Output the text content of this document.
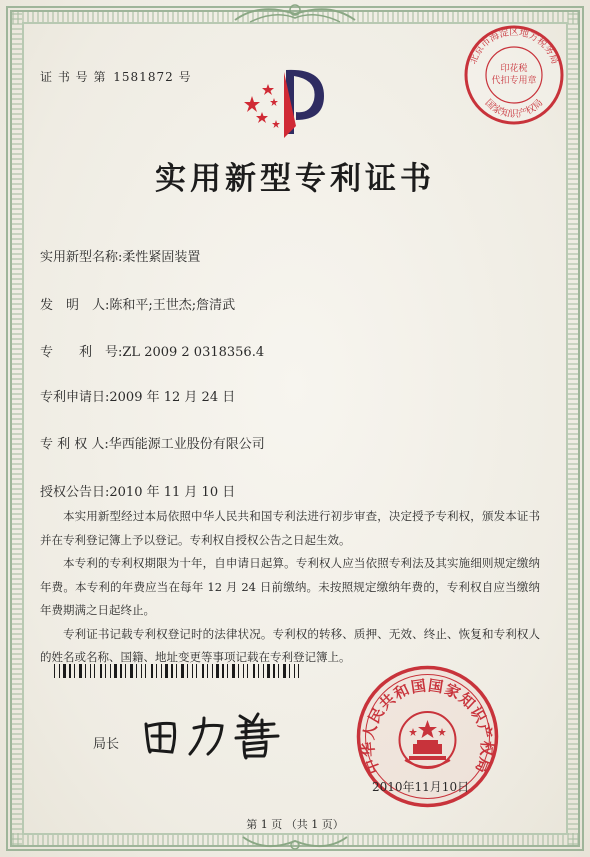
证 书 号 第 1581872 号
北京市海淀区地方税务局
国家知识产权局
印花税
代扣专用章
实用新型专利证书
实用新型名称:柔性紧固装置
发　明　人:陈和平;王世杰;詹清武
专　　利　号:ZL 2009 2 0318356.4
专利申请日:2009 年 12 月 24 日
专 利 权 人:华西能源工业股份有限公司
授权公告日:2010 年 11 月 10 日

本实用新型经过本局依照中华人民共和国专利法进行初步审查，决定授予专利权，颁发本证书并在专利登记簿上予以登记。专利权自授权公告之日起生效。

本专利的专利权期限为十年，自申请日起算。专利权人应当依照专利法及其实施细则规定缴纳年费。本专利的年费应当在每年 12 月 24 日前缴纳。未按照规定缴纳年费的，专利权自应当缴纳年费期满之日起终止。

专利证书记载专利权登记时的法律状况。专利权的转移、质押、无效、终止、恢复和专利权人的姓名或名称、国籍、地址变更等事项记载在专利登记簿上。

局长
中华人民共和国国家知识产权局
2010年11月10日
第 1 页 （共 1 页）
